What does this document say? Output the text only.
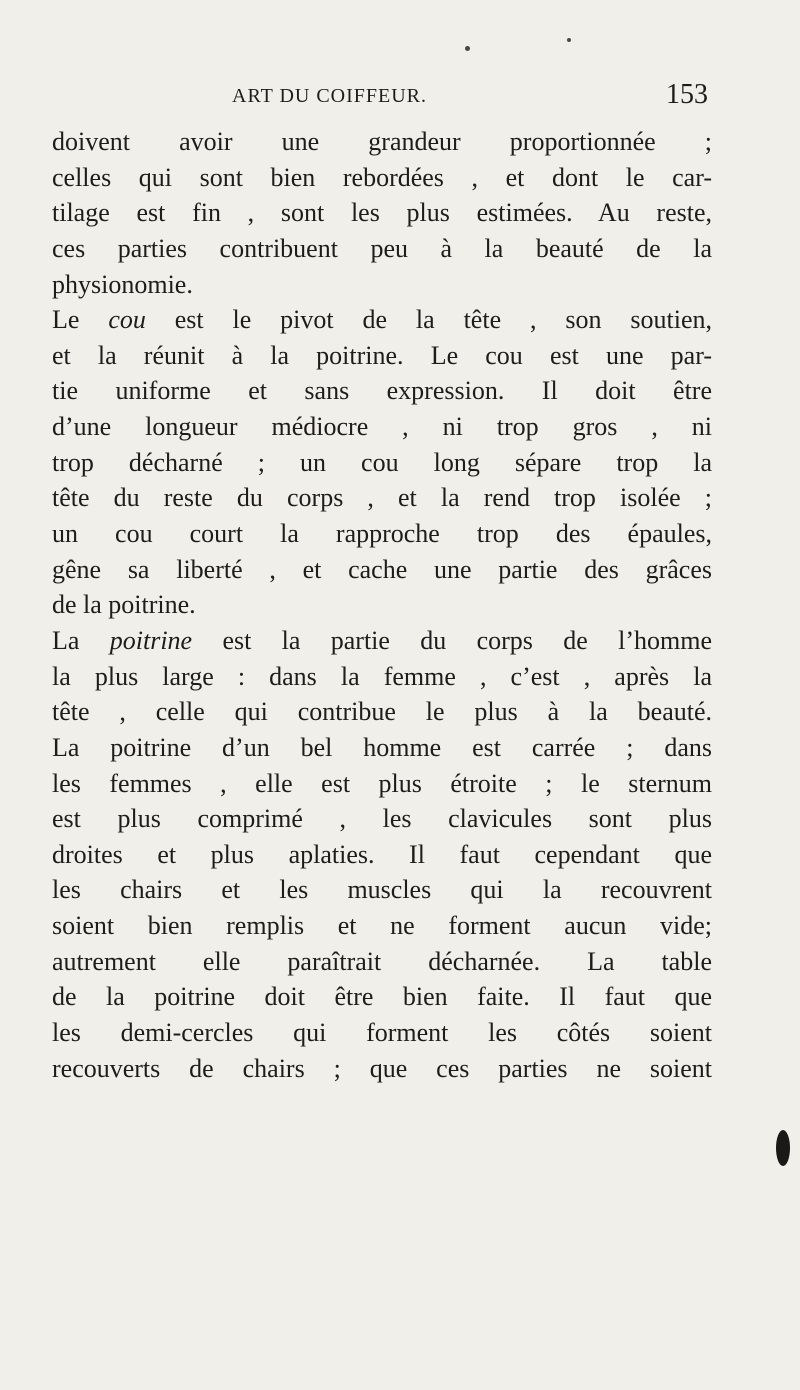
ART DU COIFFEUR.	153
doivent avoir une grandeur proportionnée ;
celles qui sont bien rebordées , et dont le car-
tilage est fin , sont les plus estimées. Au reste,
ces parties contribuent peu à la beauté de la
physionomie.
Le cou est le pivot de la tête , son soutien,
et la réunit à la poitrine. Le cou est une par-
tie uniforme et sans expression. Il doit être
d’une longueur médiocre , ni trop gros , ni
trop décharné ; un cou long sépare trop la
tête du reste du corps , et la rend trop isolée ;
un cou court la rapproche trop des épaules,
gêne sa liberté , et cache une partie des grâces
de la poitrine.
La poitrine est la partie du corps de l’homme
la plus large : dans la femme , c’est , après la
tête , celle qui contribue le plus à la beauté.
La poitrine d’un bel homme est carrée ; dans
les femmes , elle est plus étroite ; le sternum
est plus comprimé , les clavicules sont plus
droites et plus aplaties. Il faut cependant que
les chairs et les muscles qui la recouvrent
soient bien remplis et ne forment aucun vide;
autrement elle paraîtrait décharnée. La table
de la poitrine doit être bien faite. Il faut que
les demi-cercles qui forment les côtés soient
recouverts de chairs ; que ces parties ne soient
